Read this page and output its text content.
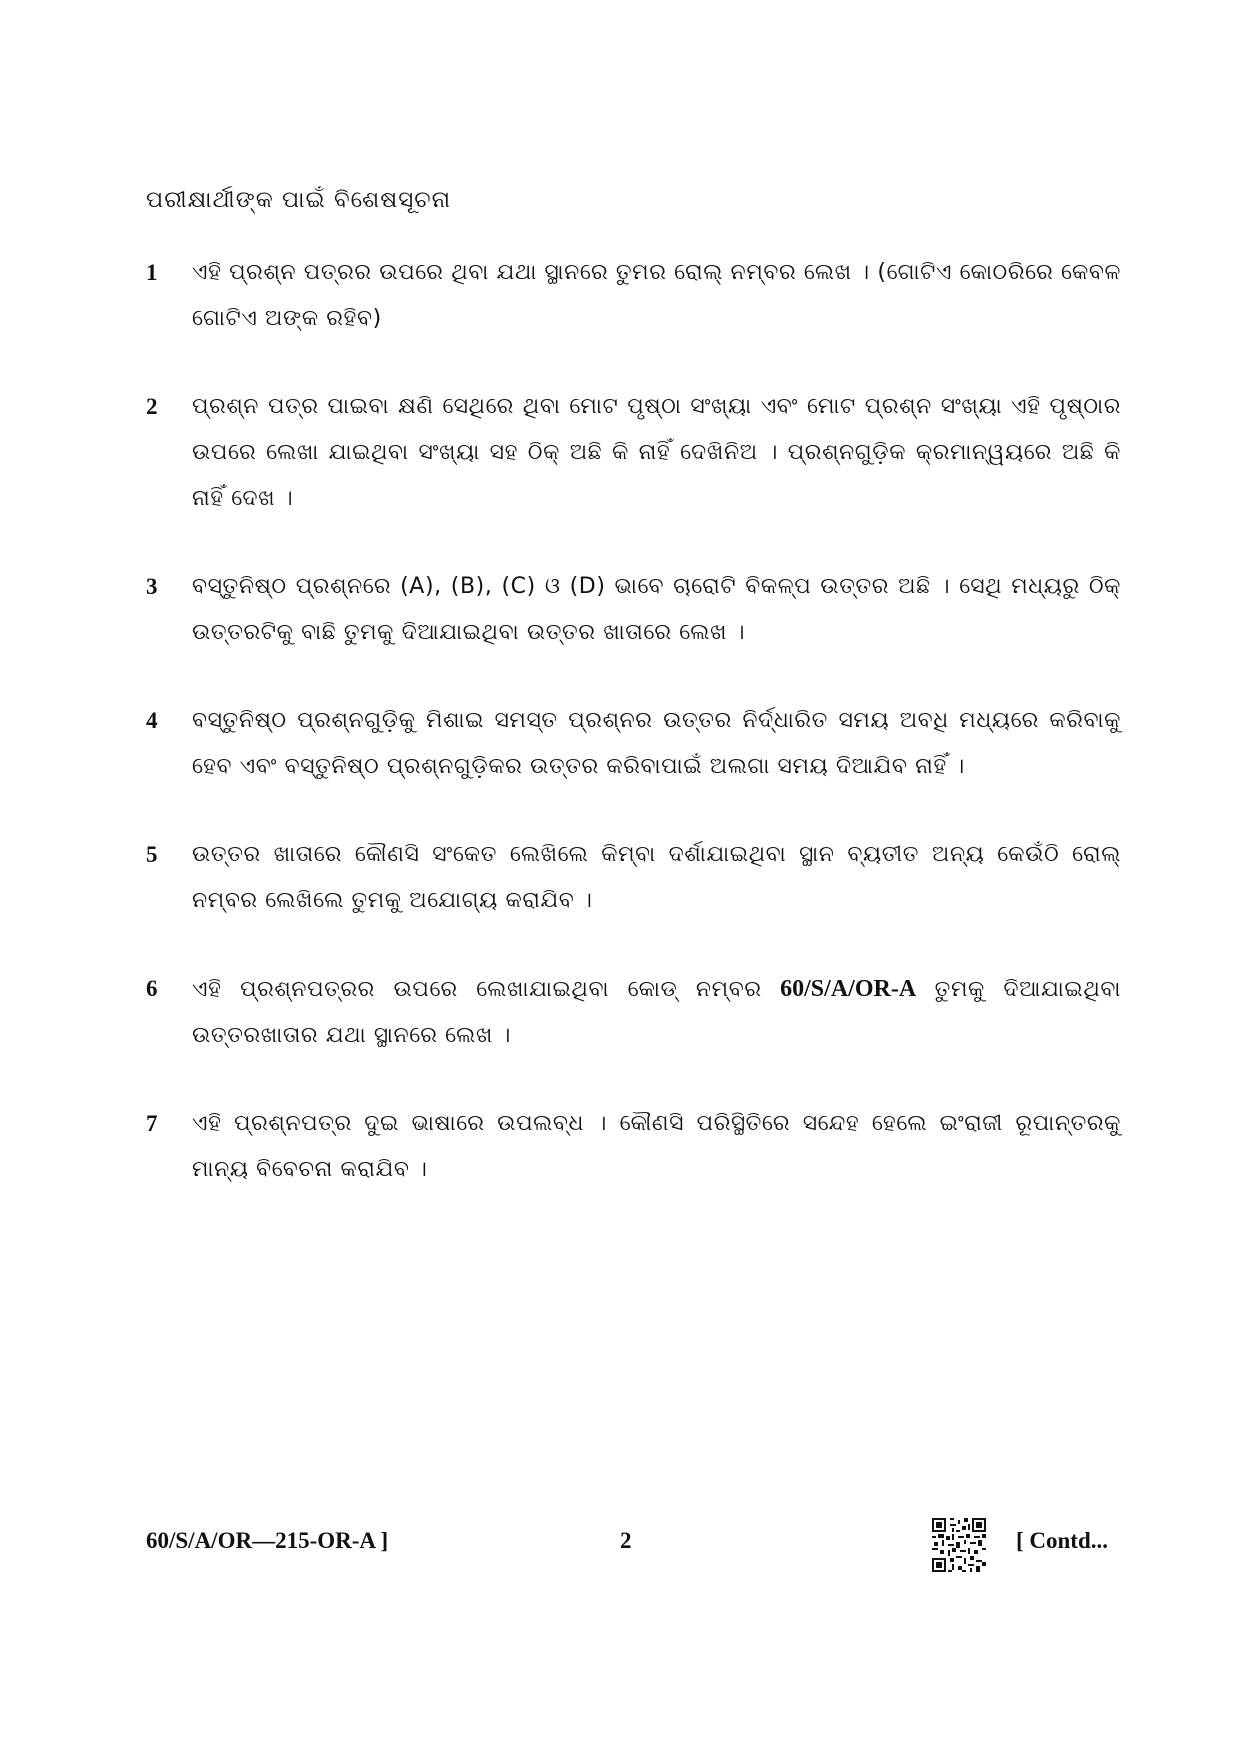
ପରୀକ୍ଷାର୍ଥୀଙ୍କ ପାଇଁ ବିଶେଷସୂଚନା
1	ଏହି ପ୍ରଶ୍ନ ପତ୍ରର ଉପରେ ଥିବା ଯଥା ସ୍ଥାନରେ ତୁମର ରୋଲ୍ ନମ୍ବର ଲେଖ । (ଗୋଟିଏ କୋଠରିରେ କେବଳ ଗୋଟିଏ ଅଙ୍କ ରହିବ)
2	ପ୍ରଶ୍ନ ପତ୍ର ପାଇବା କ୍ଷଣି ସେଥିରେ ଥିବା ମୋଟ ପୃଷ୍ଠା ସଂଖ୍ୟା ଏବଂ ମୋଟ ପ୍ରଶ୍ନ ସଂଖ୍ୟା ଏହି ପୃଷ୍ଠାର ଉପରେ ଲେଖା ଯାଇଥିବା ସଂଖ୍ୟା ସହ ଠିକ୍ ଅଛି କି ନାହିଁ ଦେଖିନିଅ । ପ୍ରଶ୍ନଗୁଡ଼ିକ କ୍ରମାନ୍ୱୟରେ ଅଛି କି ନାହିଁ ଦେଖ ।
3	ବସ୍ତୁନିଷ୍ଠ ପ୍ରଶ୍ନରେ (A), (B), (C) ଓ (D) ଭାବେ ଚାରୋଟି ବିକଳ୍ପ ଉତ୍ତର ଅଛି । ସେଥି ମଧ୍ୟରୁ ଠିକ୍ ଉତ୍ତରଟିକୁ ବାଛି ତୁମକୁ ଦିଆଯାଇଥିବା ଉତ୍ତର ଖାତାରେ ଲେଖ ।
4	ବସ୍ତୁନିଷ୍ଠ ପ୍ରଶ୍ନଗୁଡ଼ିକୁ ମିଶାଇ ସମସ୍ତ ପ୍ରଶ୍ନର ଉତ୍ତର ନିର୍ଦ୍ଧାରିତ ସମୟ ଅବଧି ମଧ୍ୟରେ କରିବାକୁ ହେବ ଏବଂ ବସ୍ତୁନିଷ୍ଠ ପ୍ରଶ୍ନଗୁଡ଼ିକର ଉତ୍ତର କରିବାପାଇଁ ଅଲଗା ସମୟ ଦିଆଯିବ ନାହିଁ ।
5	ଉତ୍ତର ଖାତାରେ କୌଣସି ସଂକେତ ଲେଖିଲେ କିମ୍ବା ଦର୍ଶାଯାଇଥିବା ସ୍ଥାନ ବ୍ୟତୀତ ଅନ୍ୟ କେଉଁଠି ରୋଲ୍ ନମ୍ବର ଲେଖିଲେ ତୁମକୁ ଅଯୋଗ୍ୟ କରାଯିବ ।
6	ଏହି ପ୍ରଶ୍ନପତ୍ରର ଉପରେ ଲେଖାଯାଇଥିବା କୋଡ୍ ନମ୍ବର 60/S/A/OR-A ତୁମକୁ ଦିଆଯାଇଥିବା ଉତ୍ତରଖାତାର ଯଥା ସ୍ଥାନରେ ଲେଖ ।
7	ଏହି ପ୍ରଶ୍ନପତ୍ର ଦୁଇ ଭାଷାରେ ଉପଲବ୍ଧ । କୌଣସି ପରିସ୍ଥିତିରେ ସନ୍ଦେହ ହେଲେ ଇଂରାଜୀ ରୂପାନ୍ତରକୁ ମାନ୍ୟ ବିବେଚନା କରାଯିବ ।
60/S/A/OR—215-OR-A ]	2	[ Contd...
